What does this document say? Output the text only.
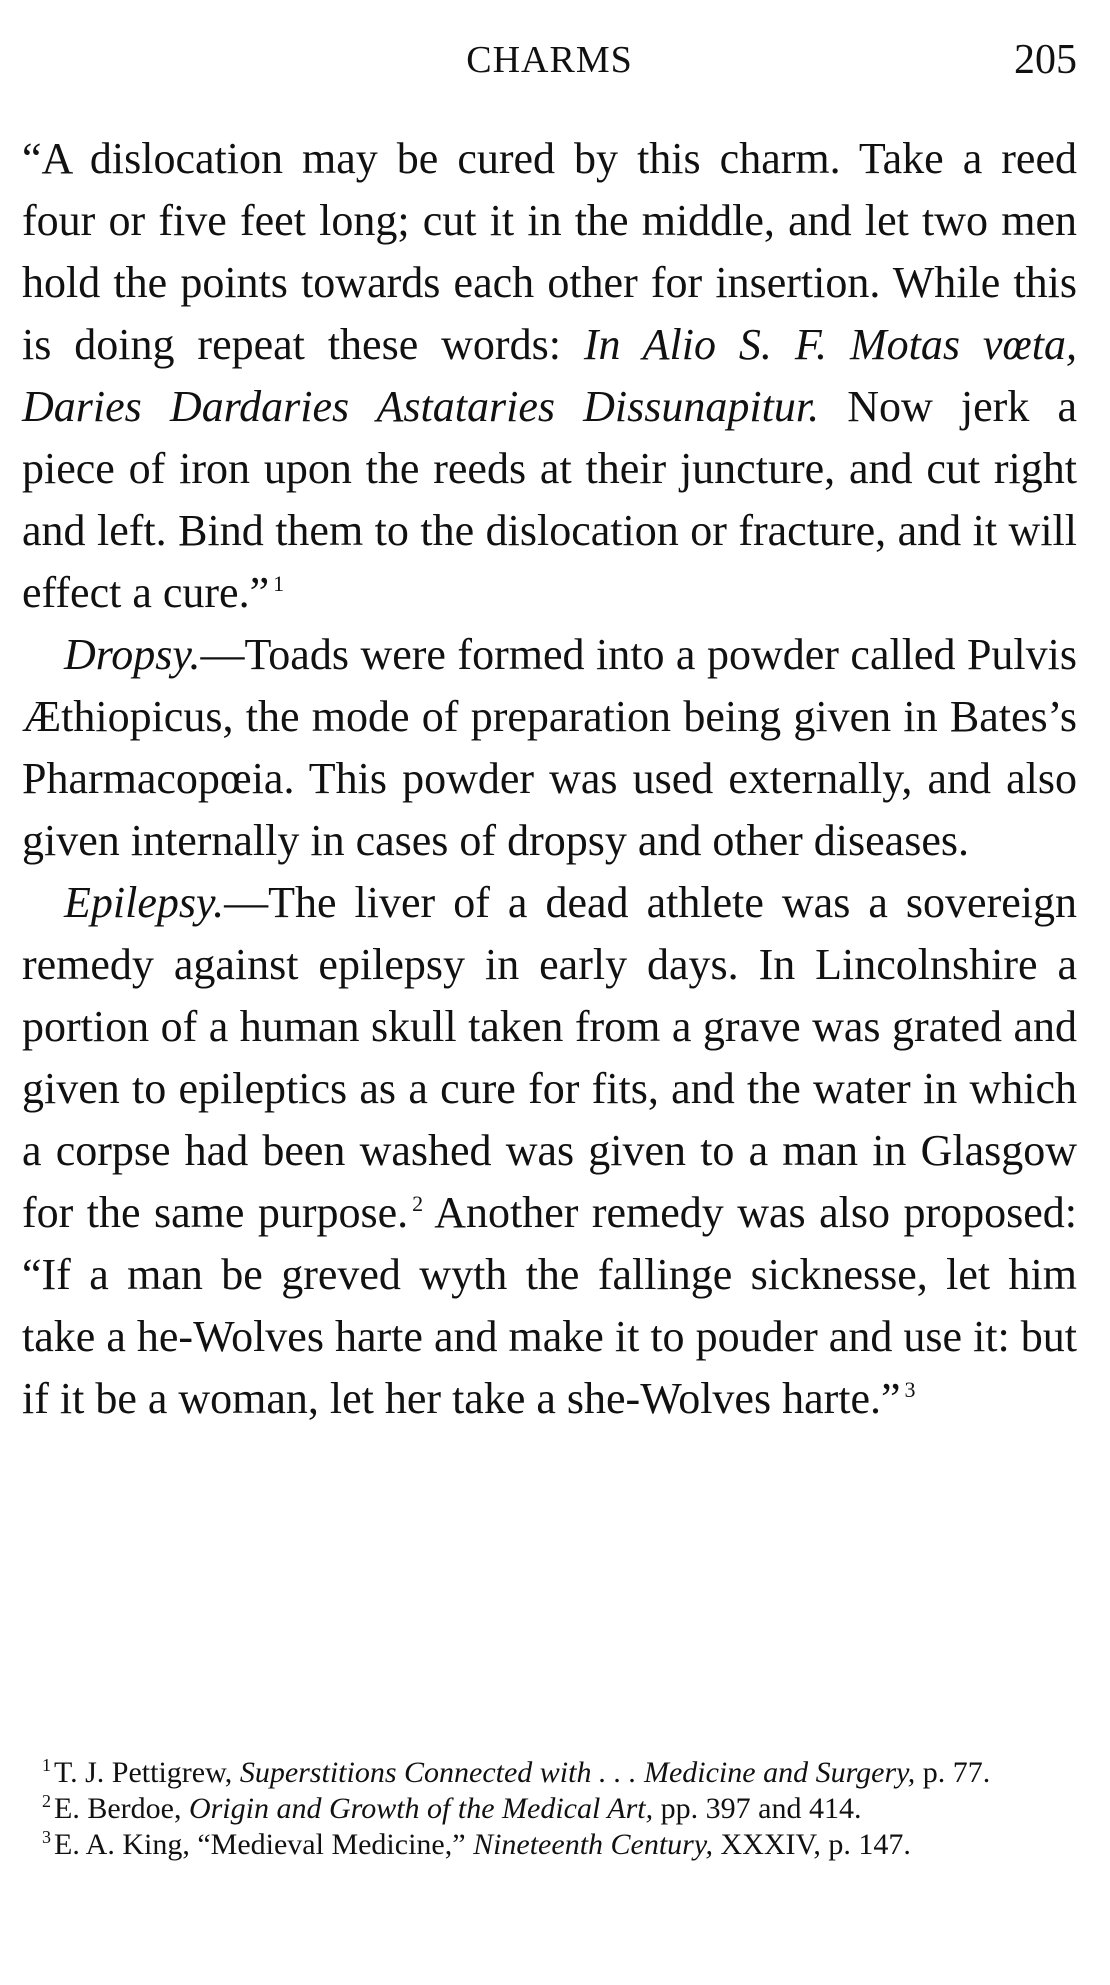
CHARMS	205

“A dislocation may be cured by this charm. Take a reed four or five feet long; cut it in the middle, and let two men hold the points towards each other for insertion. While this is doing repeat these words: In Alio S. F. Motas vœta, Daries Dardaries Astataries Dissunapitur. Now jerk a piece of iron upon the reeds at their juncture, and cut right and left. Bind them to the dislocation or fracture, and it will effect a cure.” $^1$

Dropsy.—Toads were formed into a powder called Pulvis Æthiopicus, the mode of preparation being given in Bates’s Pharmacopœia. This powder was used externally, and also given internally in cases of dropsy and other diseases.

Epilepsy.—The liver of a dead athlete was a sovereign remedy against epilepsy in early days. In Lincolnshire a portion of a human skull taken from a grave was grated and given to epileptics as a cure for fits, and the water in which a corpse had been washed was given to a man in Glasgow for the same purpose. $^2$ Another remedy was also proposed: “If a man be greved wyth the fallinge sicknesse, let him take a he-Wolves harte and make it to pouder and use it: but if it be a woman, let her take a she-Wolves harte.” $^3$

$^1$ T. J. Pettigrew, Superstitions Connected with . . . Medicine and Surgery, p. 77.

$^2$ E. Berdoe, Origin and Growth of the Medical Art, pp. 397 and 414.

$^3$ E. A. King, “Medieval Medicine,” Nineteenth Century, XXXIV, p. 147.
